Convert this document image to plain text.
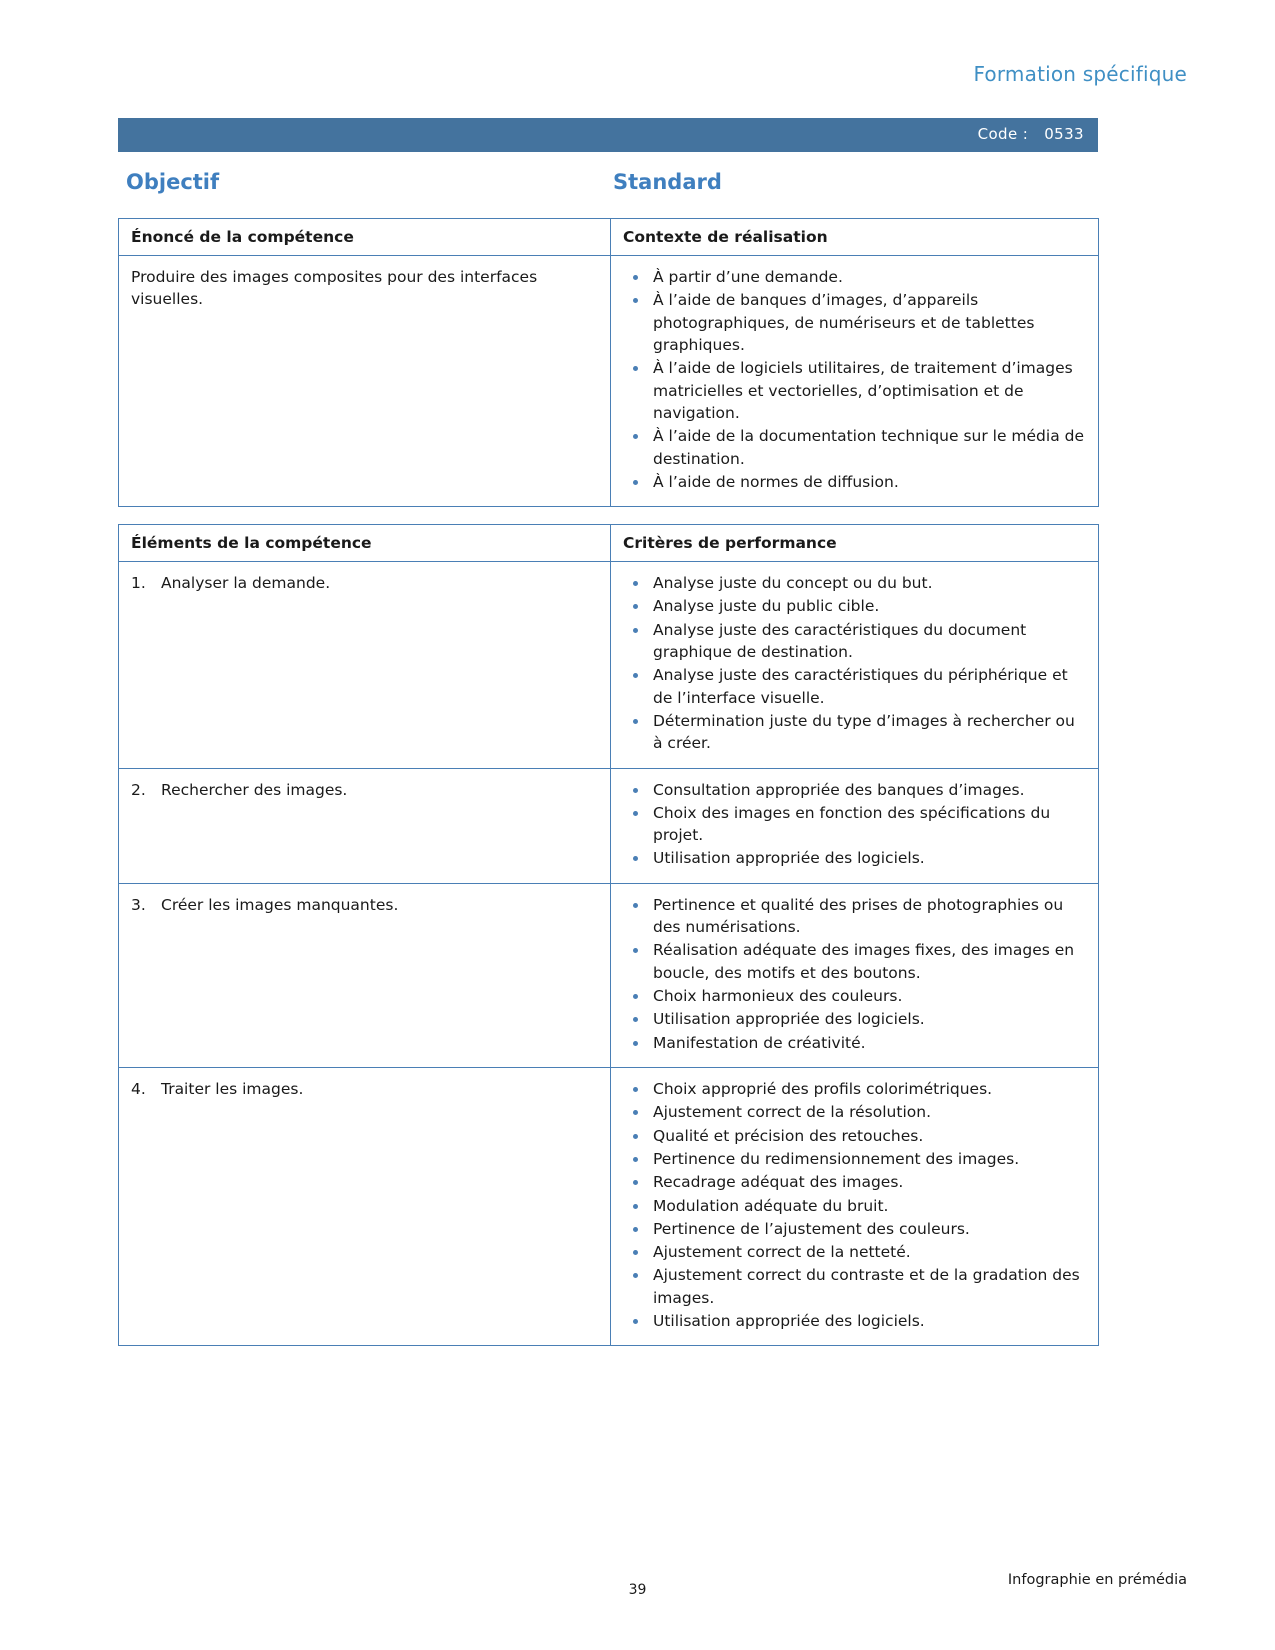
Formation spécifique
Code : 0533
Objectif	Standard
Énoncé de la compétence	Contexte de réalisation

Produire des images composites pour des interfaces visuelles.

À partir d’une demande.
À l’aide de banques d’images, d’appareils photographiques, de numériseurs et de tablettes graphiques.
À l’aide de logiciels utilitaires, de traitement d’images matricielles et vectorielles, d’optimisation et de navigation.
À l’aide de la documentation technique sur le média de destination.
À l’aide de normes de diffusion.
Éléments de la compétence	Critères de performance

1. Analyser la demande.	Analyse juste du concept ou du but.
Analyse juste du public cible.
Analyse juste des caractéristiques du document graphique de destination.
Analyse juste des caractéristiques du périphérique et de l’interface visuelle.
Détermination juste du type d’images à rechercher ou à créer.

2. Rechercher des images.	Consultation appropriée des banques d’images.
Choix des images en fonction des spécifications du projet.
Utilisation appropriée des logiciels.

3. Créer les images manquantes.	Pertinence et qualité des prises de photographies ou des numérisations.
Réalisation adéquate des images fixes, des images en boucle, des motifs et des boutons.
Choix harmonieux des couleurs.
Utilisation appropriée des logiciels.
Manifestation de créativité.

4. Traiter les images.	Choix approprié des profils colorimétriques.
Ajustement correct de la résolution.
Qualité et précision des retouches.
Pertinence du redimensionnement des images.
Recadrage adéquat des images.
Modulation adéquate du bruit.
Pertinence de l’ajustement des couleurs.
Ajustement correct de la netteté.
Ajustement correct du contraste et de la gradation des images.
Utilisation appropriée des logiciels.
39
Infographie en prémédia
